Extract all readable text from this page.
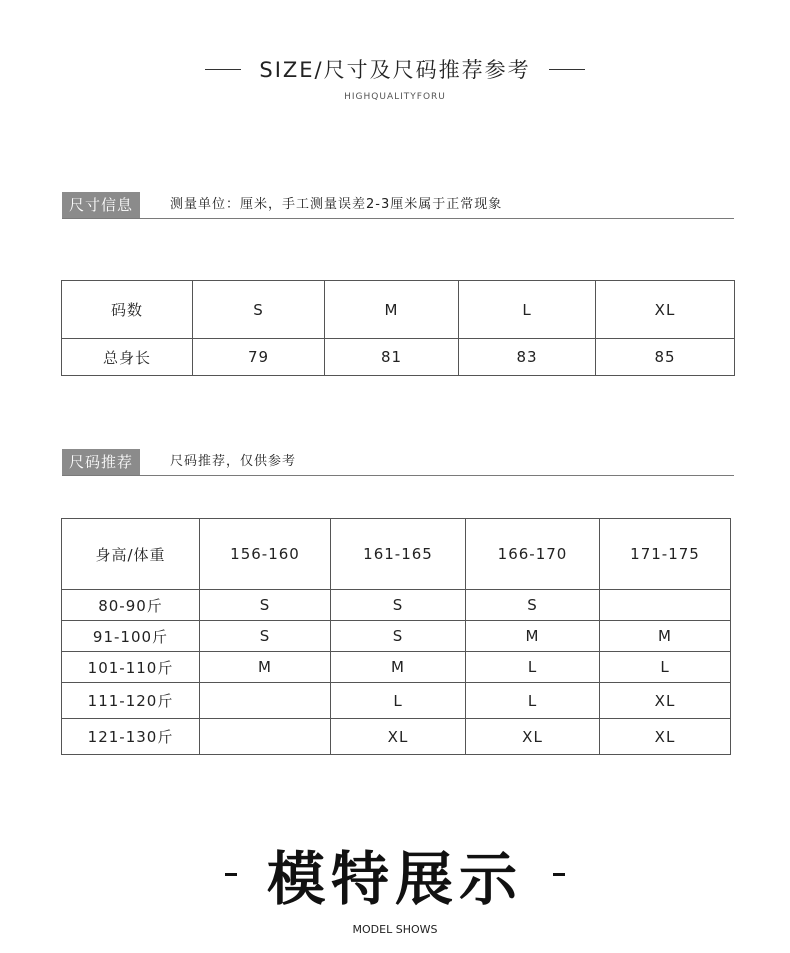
SIZE/尺寸及尺码推荐参考
HIGHQUALITYFORU
尺寸信息	测量单位：厘米，手工测量误差2-3厘米属于正常现象
码数	S	M	L	XL
总身长	79	81	83	85
尺码推荐	尺码推荐，仅供参考
身高/体重	156-160	161-165	166-170	171-175
80-90斤	S	S	S	
91-100斤	S	S	M	M
101-110斤	M	M	L	L
111-120斤		L	L	XL
121-130斤		XL	XL	XL
模特展示
MODEL SHOWS
